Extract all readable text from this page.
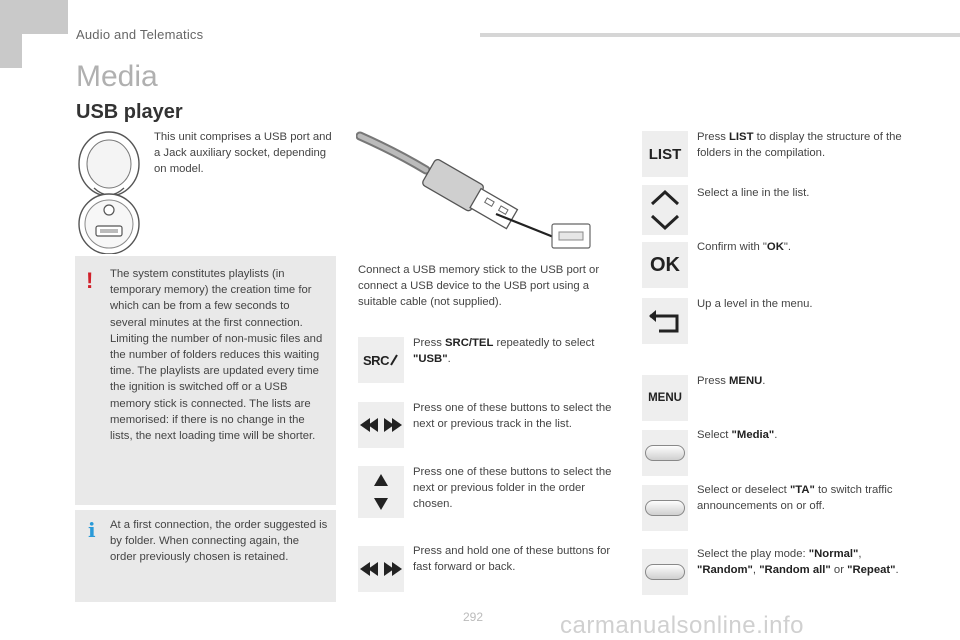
Audio and Telematics
Media
USB player
This unit comprises a USB port and a Jack auxiliary socket, depending on model.
! The system constitutes playlists (in temporary memory) the creation time for which can be from a few seconds to several minutes at the first connection. Limiting the number of non-music files and the number of folders reduces this waiting time. The playlists are updated every time the ignition is switched off or a USB memory stick is connected. The lists are memorised: if there is no change in the lists, the next loading time will be shorter.
i At a first connection, the order suggested is by folder. When connecting again, the order previously chosen is retained.
Connect a USB memory stick to the USB port or connect a USB device to the USB port using a suitable cable (not supplied).
SRC
Press SRC/TEL repeatedly to select "USB".
Press one of these buttons to select the next or previous track in the list.
Press one of these buttons to select the next or previous folder in the order chosen.
Press and hold one of these buttons for fast forward or back.
LIST
Press LIST to display the structure of the folders in the compilation.
Select a line in the list.
OK
Confirm with "OK".
Up a level in the menu.
MENU
Press MENU.
Select "Media".
Select or deselect "TA" to switch traffic announcements on or off.
Select the play mode: "Normal", "Random", "Random all" or "Repeat".
292	carmanualsonline.info
